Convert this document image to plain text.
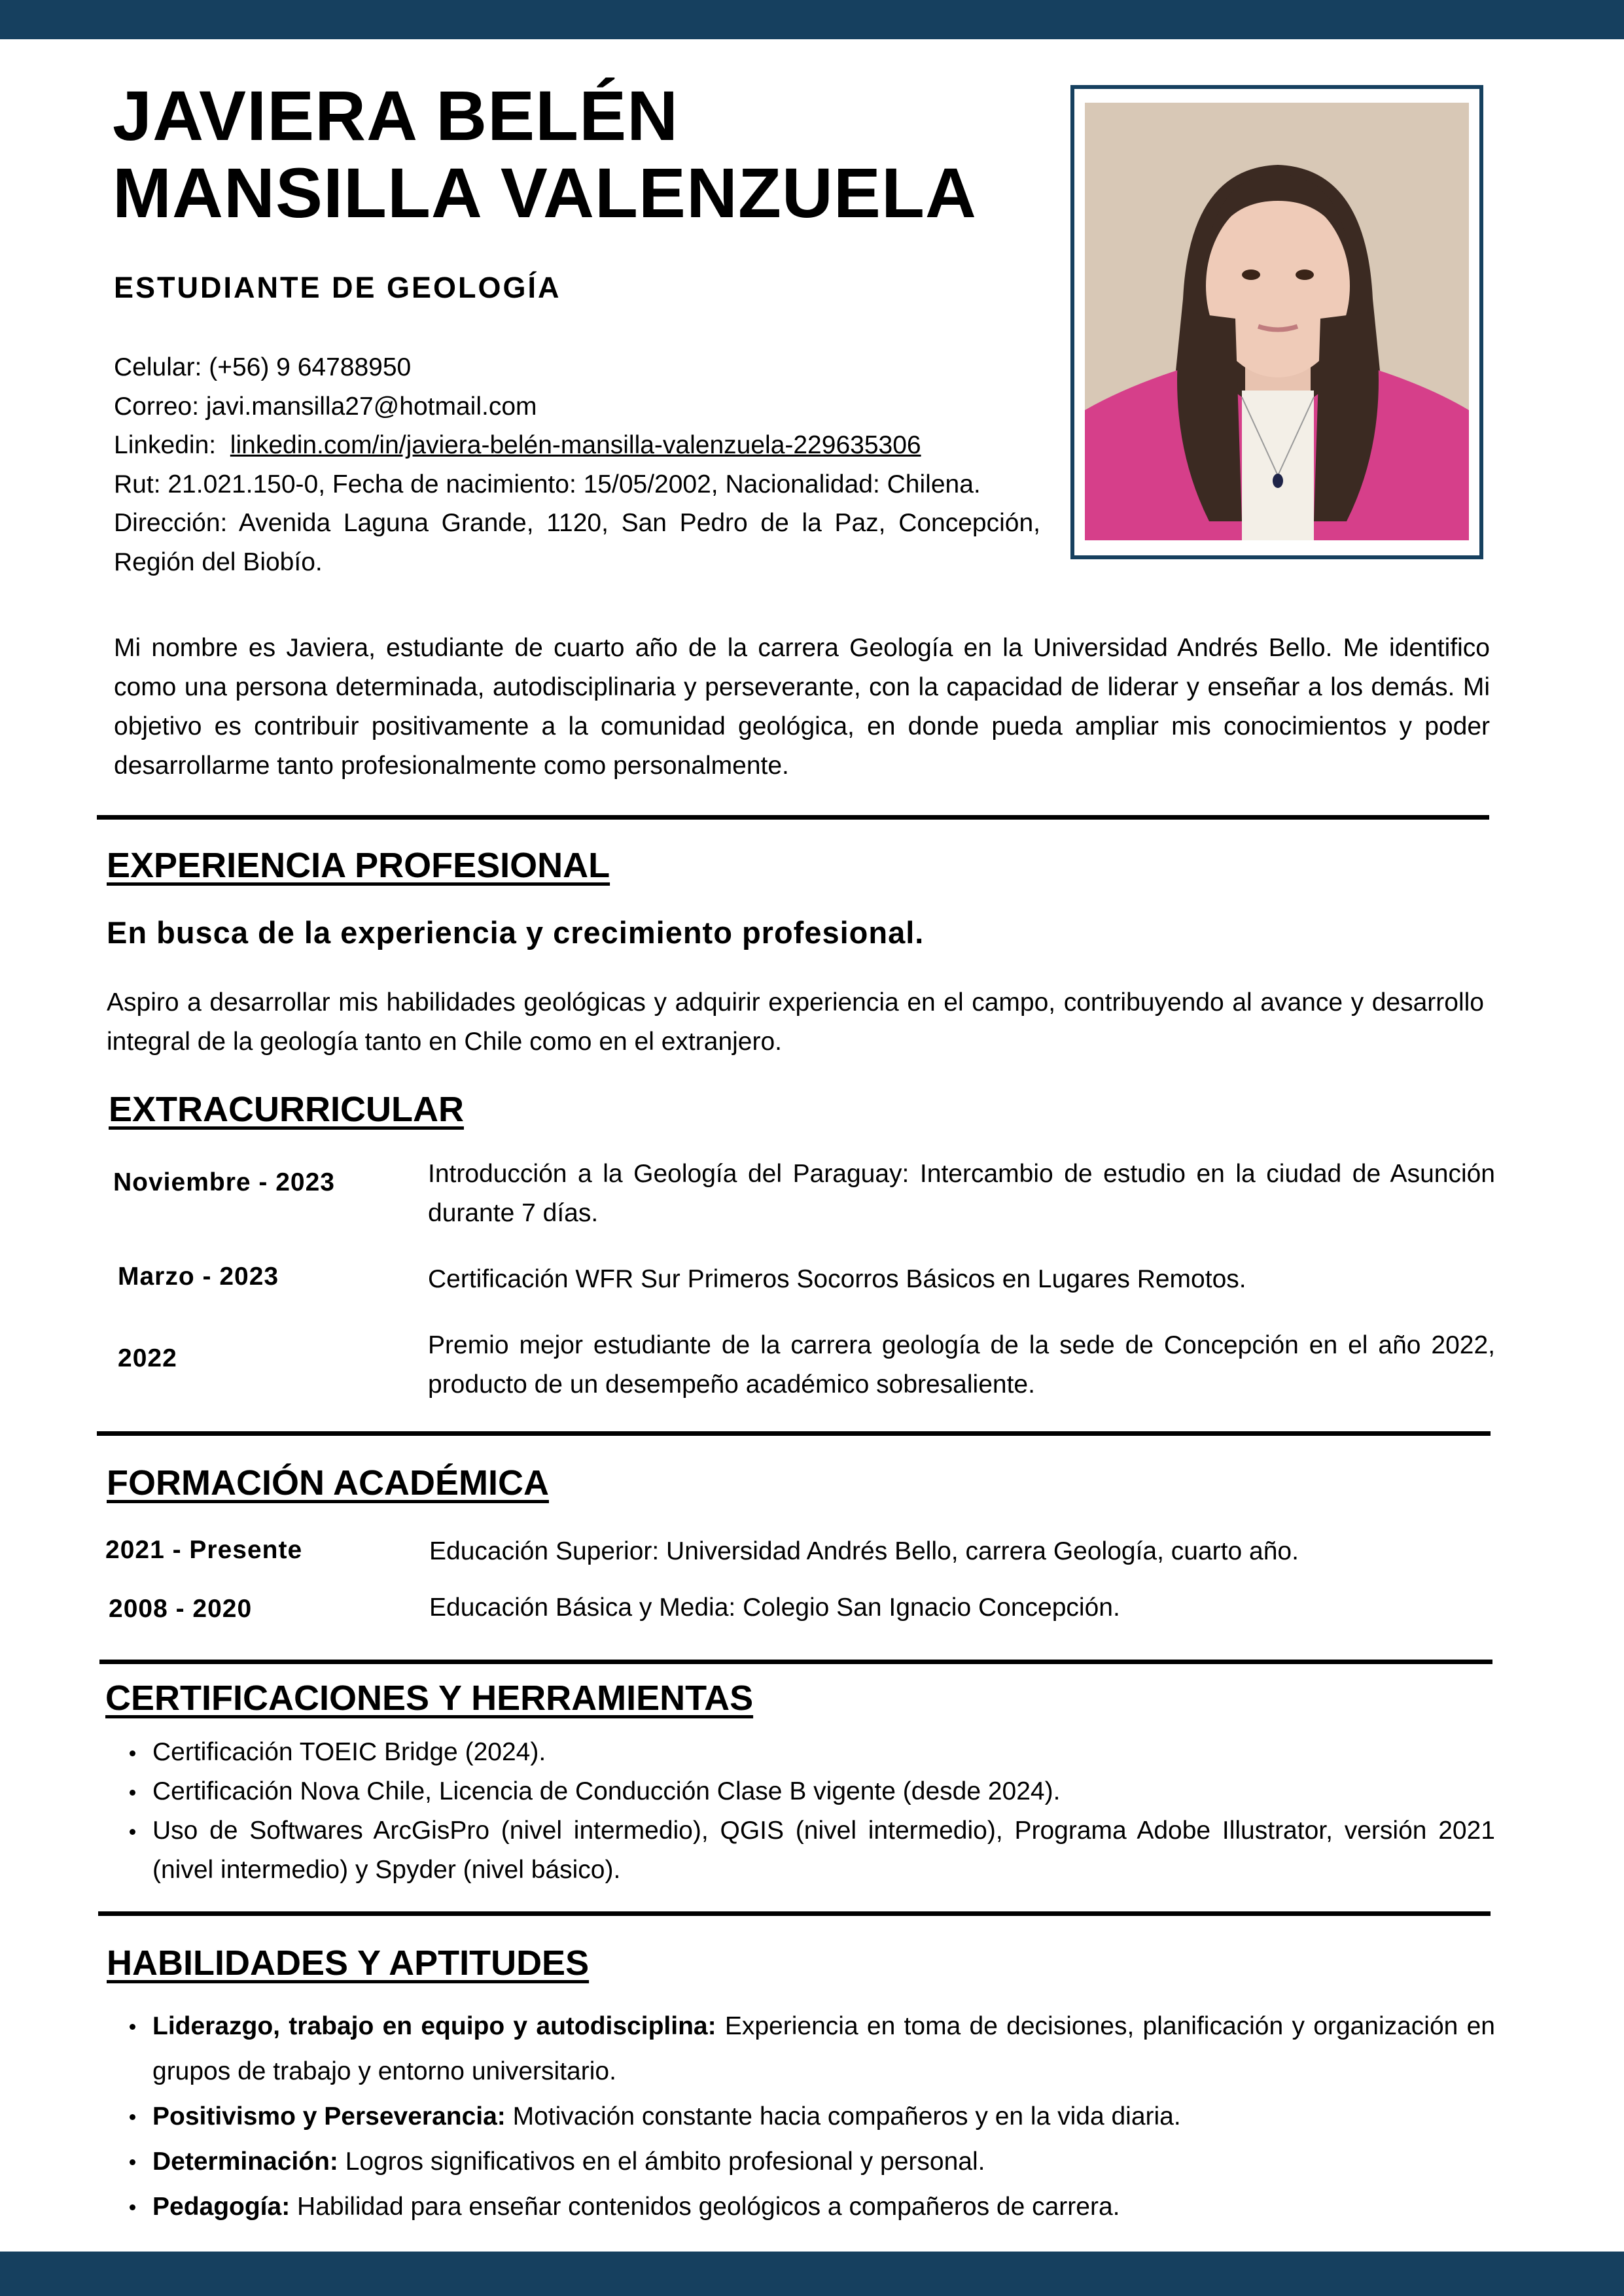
JAVIERA BELÉN
MANSILLA VALENZUELA
ESTUDIANTE DE GEOLOGÍA
Celular: (+56) 9 64788950
Correo: javi.mansilla27@hotmail.com
Linkedin:  linkedin.com/in/javiera-belén-mansilla-valenzuela-229635306
Rut: 21.021.150-0, Fecha de nacimiento: 15/05/2002, Nacionalidad: Chilena.
Dirección: Avenida Laguna Grande, 1120, San Pedro de la Paz, Concepción, Región del Biobío.
Mi nombre es Javiera, estudiante de cuarto año de la carrera Geología en la Universidad Andrés Bello. Me identifico como una persona determinada, autodisciplinaria y perseverante, con la capacidad de liderar y enseñar a los demás. Mi objetivo es contribuir positivamente a la comunidad geológica, en donde pueda ampliar mis conocimientos y poder desarrollarme tanto profesionalmente como personalmente.
EXPERIENCIA PROFESIONAL
En busca de la experiencia y crecimiento profesional.
Aspiro a desarrollar mis habilidades geológicas y adquirir experiencia en el campo, contribuyendo al avance y desarrollo integral de la geología tanto en Chile como en el extranjero.
EXTRACURRICULAR
Noviembre - 2023	Introducción a la Geología del Paraguay: Intercambio de estudio en la ciudad de Asunción durante 7 días.
Marzo - 2023	Certificación WFR Sur Primeros Socorros Básicos en Lugares Remotos.
2022	Premio mejor estudiante de la carrera geología de la sede de Concepción en el año 2022, producto de un desempeño académico sobresaliente.
FORMACIÓN ACADÉMICA
2021 - Presente	Educación Superior: Universidad Andrés Bello, carrera Geología, cuarto año.
2008 - 2020	Educación Básica y Media: Colegio San Ignacio Concepción.
CERTIFICACIONES Y HERRAMIENTAS
Certificación TOEIC Bridge (2024).
Certificación Nova Chile, Licencia de Conducción Clase B vigente (desde 2024).
Uso de Softwares ArcGisPro (nivel intermedio), QGIS (nivel intermedio), Programa Adobe Illustrator, versión 2021 (nivel intermedio) y Spyder (nivel básico).
HABILIDADES Y APTITUDES
Liderazgo, trabajo en equipo y autodisciplina: Experiencia en toma de decisiones, planificación y organización en grupos de trabajo y entorno universitario.
Positivismo y Perseverancia: Motivación constante hacia compañeros y en la vida diaria.
Determinación: Logros significativos en el ámbito profesional y personal.
Pedagogía: Habilidad para enseñar contenidos geológicos a compañeros de carrera.
